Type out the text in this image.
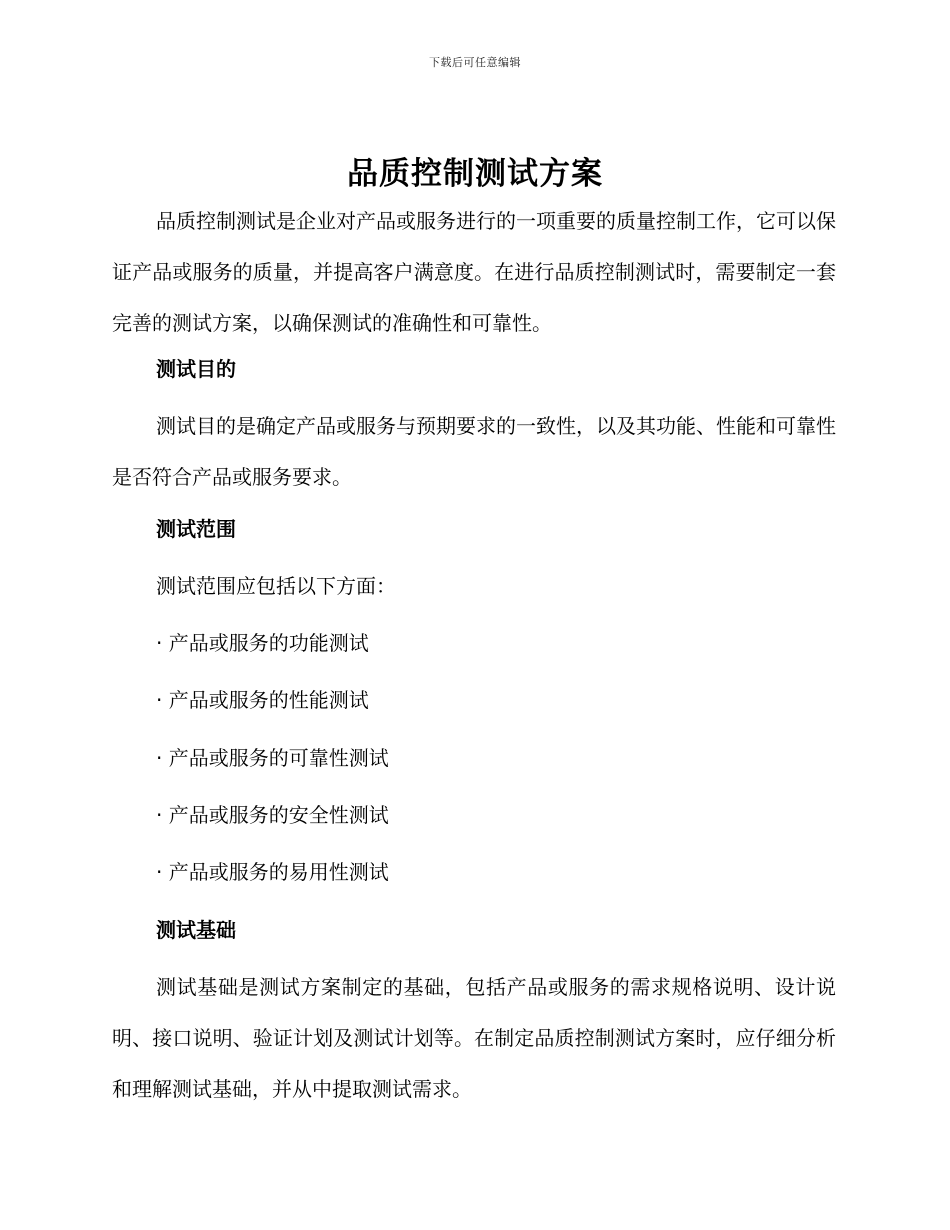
下载后可任意编辑
品质控制测试方案

品质控制测试是企业对产品或服务进行的一项重要的质量控制工作，它可以保证产品或服务的质量，并提高客户满意度。在进行品质控制测试时，需要制定一套完善的测试方案，以确保测试的准确性和可靠性。

测试目的

测试目的是确定产品或服务与预期要求的一致性，以及其功能、性能和可靠性是否符合产品或服务要求。

测试范围
测试范围应包括以下方面：
· 产品或服务的功能测试
· 产品或服务的性能测试
· 产品或服务的可靠性测试
· 产品或服务的安全性测试
· 产品或服务的易用性测试
测试基础

测试基础是测试方案制定的基础，包括产品或服务的需求规格说明、设计说明、接口说明、验证计划及测试计划等。在制定品质控制测试方案时，应仔细分析和理解测试基础，并从中提取测试需求。
